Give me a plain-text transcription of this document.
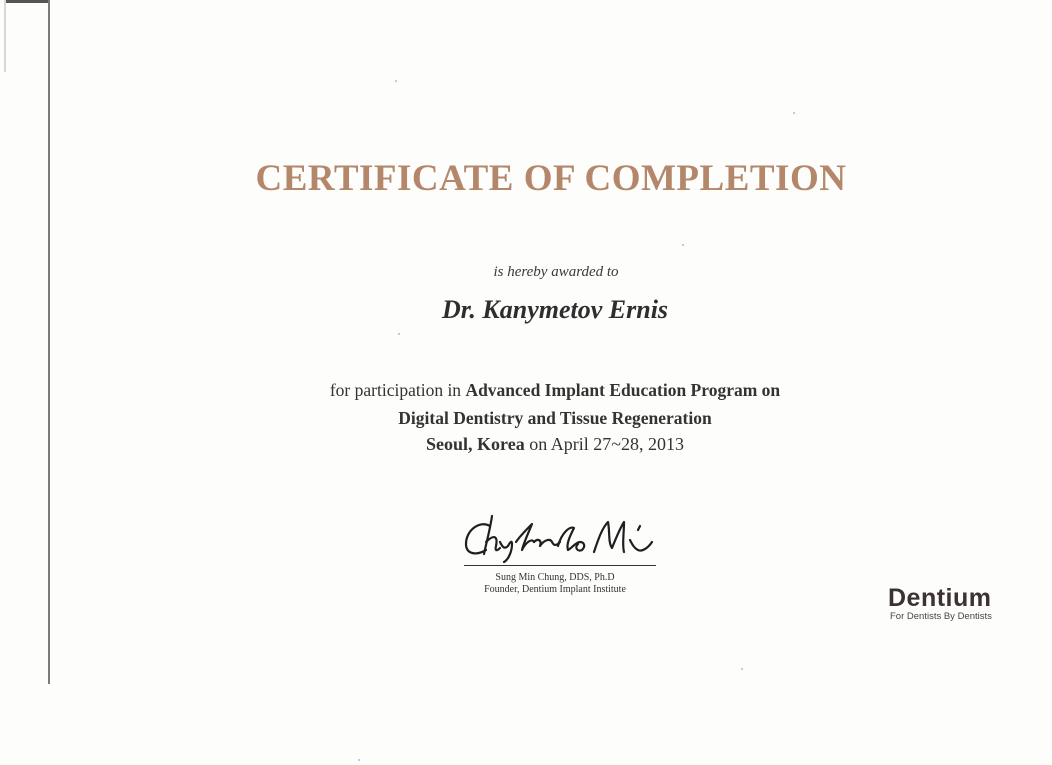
CERTIFICATE OF COMPLETION
is hereby awarded to
Dr. Kanymetov Ernis
for participation in Advanced Implant Education Program on
Digital Dentistry and Tissue Regeneration
Seoul, Korea on April 27~28, 2013
Sung Min Chung, DDS, Ph.D
Founder, Dentium Implant Institute	Dentium
For Dentists By Dentists
